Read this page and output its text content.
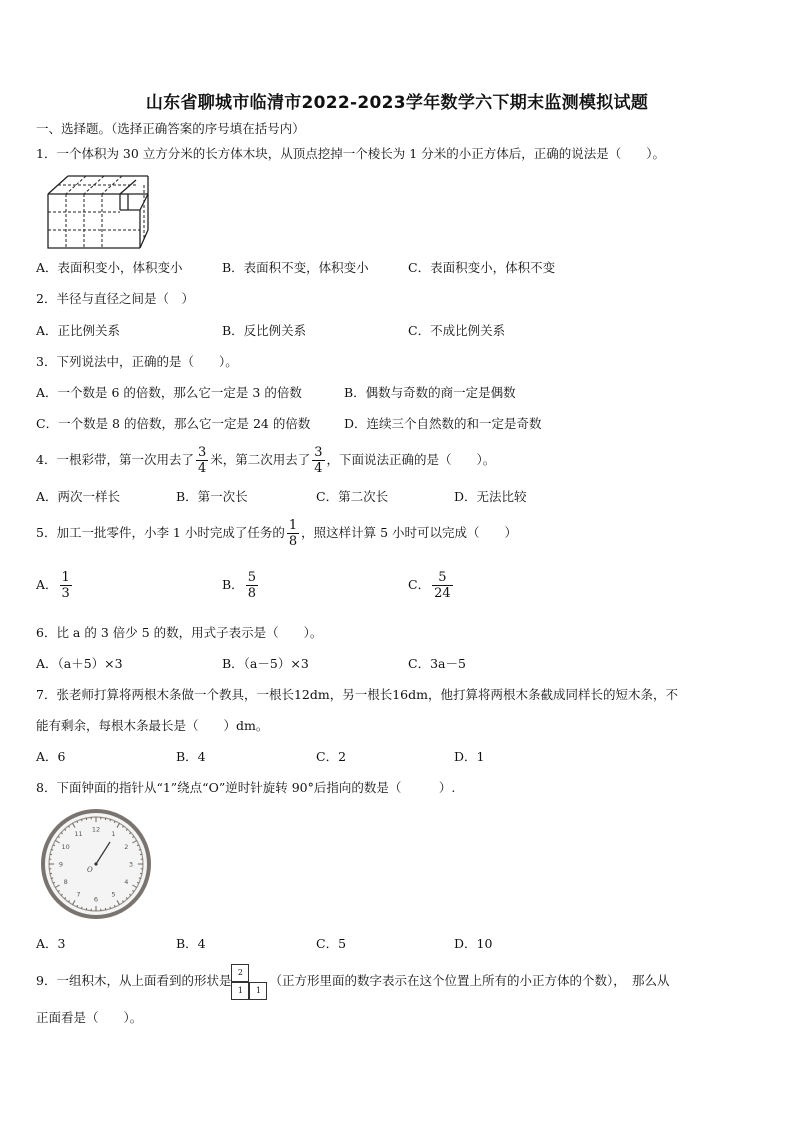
山东省聊城市临清市2022-2023学年数学六下期末监测模拟试题
一、选择题。（选择正确答案的序号填在括号内）
1．一个体积为 30 立方分米的长方体木块，从顶点挖掉一个棱长为 1 分米的小正方体后，正确的说法是（　　）。
A．表面积变小，体积变小	B．表面积不变，体积变小	C．表面积变小，体积不变
2．半径与直径之间是（　）
A．正比例关系	B．反比例关系	C．不成比例关系
3．下列说法中，正确的是（　　）。
A．一个数是 6 的倍数，那么它一定是 3 的倍数	B．偶数与奇数的商一定是偶数
C．一个数是 8 的倍数，那么它一定是 24 的倍数	D．连续三个自然数的和一定是奇数
4．一根彩带，第一次用去了 $\frac{3}{4}$ 米，第二次用去了 $\frac{3}{4}$ ，下面说法正确的是（　　）。
A．两次一样长	B．第一次长	C．第二次长	D．无法比较
5．加工一批零件，小李 1 小时完成了任务的 $\frac{1}{8}$ ，照这样计算 5 小时可以完成（　　）
A． $\frac{1}{3}$	B． $\frac{5}{8}$	C． $\frac{5}{24}$
6．比 a 的 3 倍少 5 的数，用式子表示是（　　）。
A．（a＋5）×3	B．（a－5）×3	C．3a－5
7．张老师打算将两根木条做一个教具，一根长12dm，另一根长16dm，他打算将两根木条截成同样长的短木条，不
能有剩余，每根木条最长是（　　）dm。
A．6	B．4	C．2	D．1
8．下面钟面的指针从“1”绕点“O”逆时针旋转 90°后指向的数是（　　　）.
12
1
2
3
4
5
6
7
8
9
10
11
O
A．3	B．4	C．5	D．10
9．一组积木，从上面看到的形状是
2
1	1
（正方形里面的数字表示在这个位置上所有的小正方体的个数），　那么从
正面看是（　　）。
